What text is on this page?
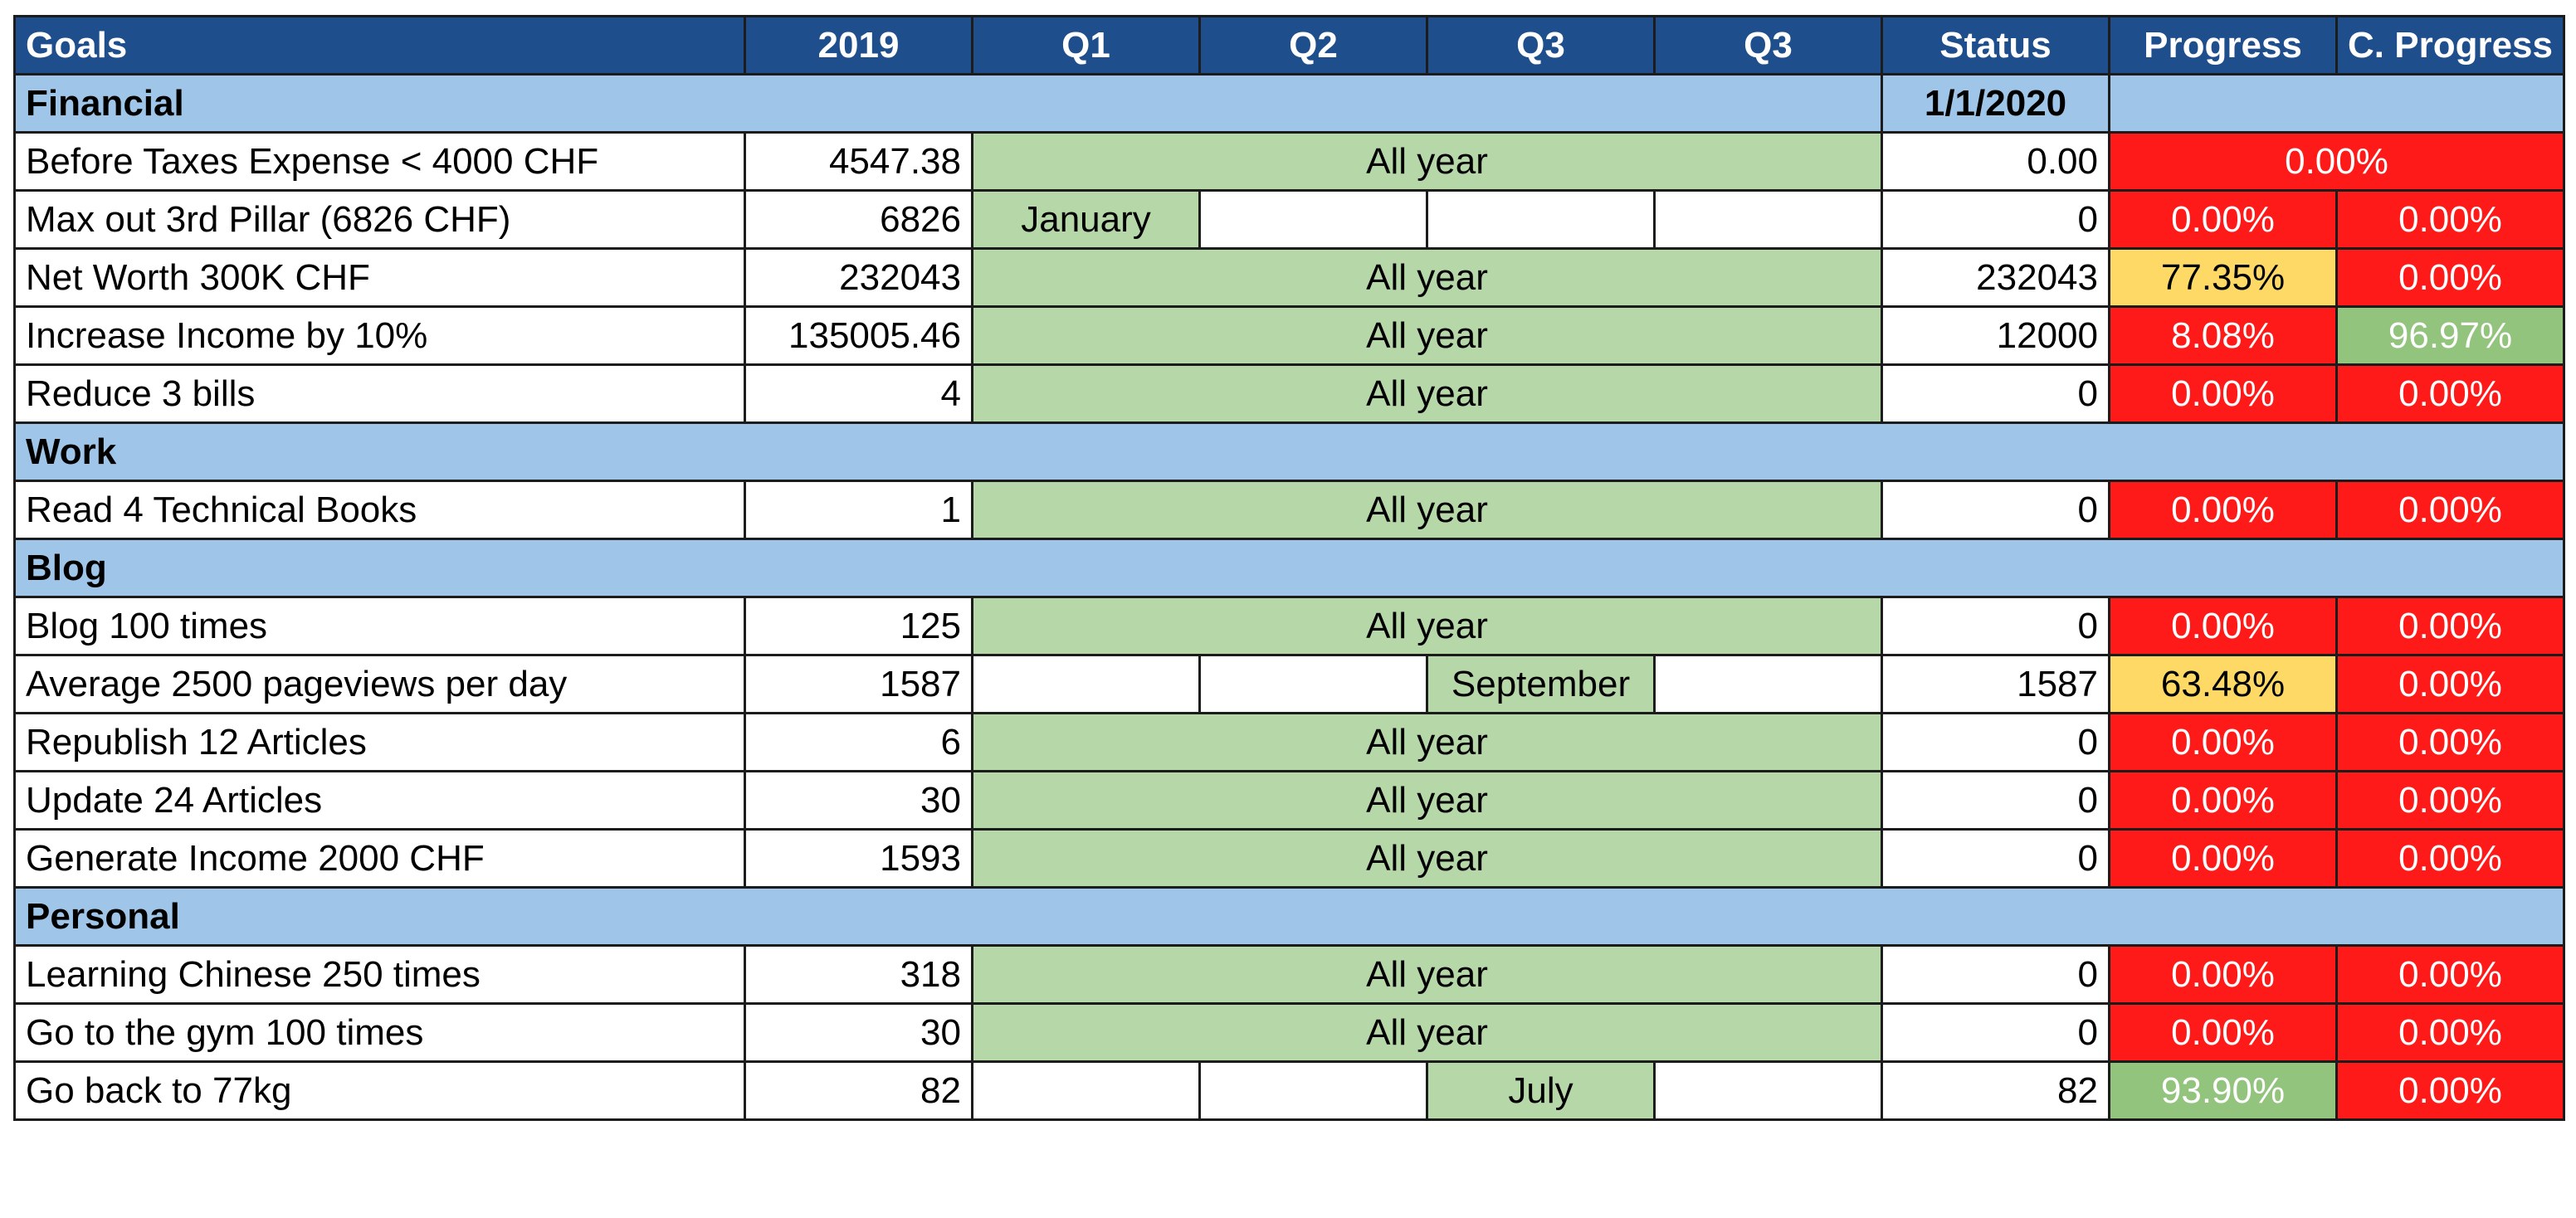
Goals	2019	Q1	Q2	Q3	Q3	Status	Progress	C. Progress
Financial						1/1/2020		
Before Taxes Expense < 4000 CHF	4547.38	All year				0.00	0.00%	
Max out 3rd Pillar (6826 CHF)	6826	January				0	0.00%	0.00%
Net Worth 300K CHF	232043	All year				232043	77.35%	0.00%
Increase Income by 10%	135005.46	All year				12000	8.08%	96.97%
Reduce 3 bills	4	All year				0	0.00%	0.00%
Work								
Read 4 Technical Books	1	All year				0	0.00%	0.00%
Blog								
Blog 100 times	125	All year				0	0.00%	0.00%
Average 2500 pageviews per day	1587			September		1587	63.48%	0.00%
Republish 12 Articles	6	All year				0	0.00%	0.00%
Update 24 Articles	30	All year				0	0.00%	0.00%
Generate Income 2000 CHF	1593	All year				0	0.00%	0.00%
Personal								
Learning Chinese 250 times	318	All year				0	0.00%	0.00%
Go to the gym 100 times	30	All year				0	0.00%	0.00%
Go back to 77kg	82			July		82	93.90%	0.00%
